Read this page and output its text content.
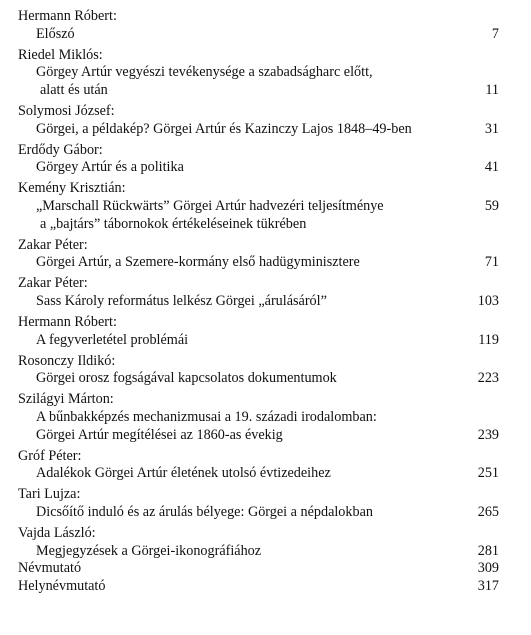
Hermann Róbert:
Előszó	7
Riedel Miklós:
Görgey Artúr vegyészi tevékenysége a szabadságharc előtt,
alatt és után	11
Solymosi József:
Görgei, a példakép? Görgei Artúr és Kazinczy Lajos 1848–49-ben	31
Erdődy Gábor:
Görgey Artúr és a politika	41
Kemény Krisztián:
„Marschall Rückwärts” Görgei Artúr hadvezéri teljesítménye	59
a „bajtárs” tábornokok értékeléseinek tükrében
Zakar Péter:
Görgei Artúr, a Szemere-kormány első hadügyminisztere	71
Zakar Péter:
Sass Károly református lelkész Görgei „árulásáról”	103
Hermann Róbert:
A fegyverletétel problémái	119
Rosonczy Ildikó:
Görgei orosz fogságával kapcsolatos dokumentumok	223
Szilágyi Márton:
A bűnbakképzés mechanizmusai a 19. századi irodalomban:
Görgei Artúr megítélései az 1860-as évekig	239
Gróf Péter:
Adalékok Görgei Artúr életének utolsó évtizedeihez	251
Tari Lujza:
Dicsőítő induló és az árulás bélyege: Görgei a népdalokban	265
Vajda László:
Megjegyzések a Görgei-ikonográfiához	281
Névmutató	309
Helynévmutató	317
